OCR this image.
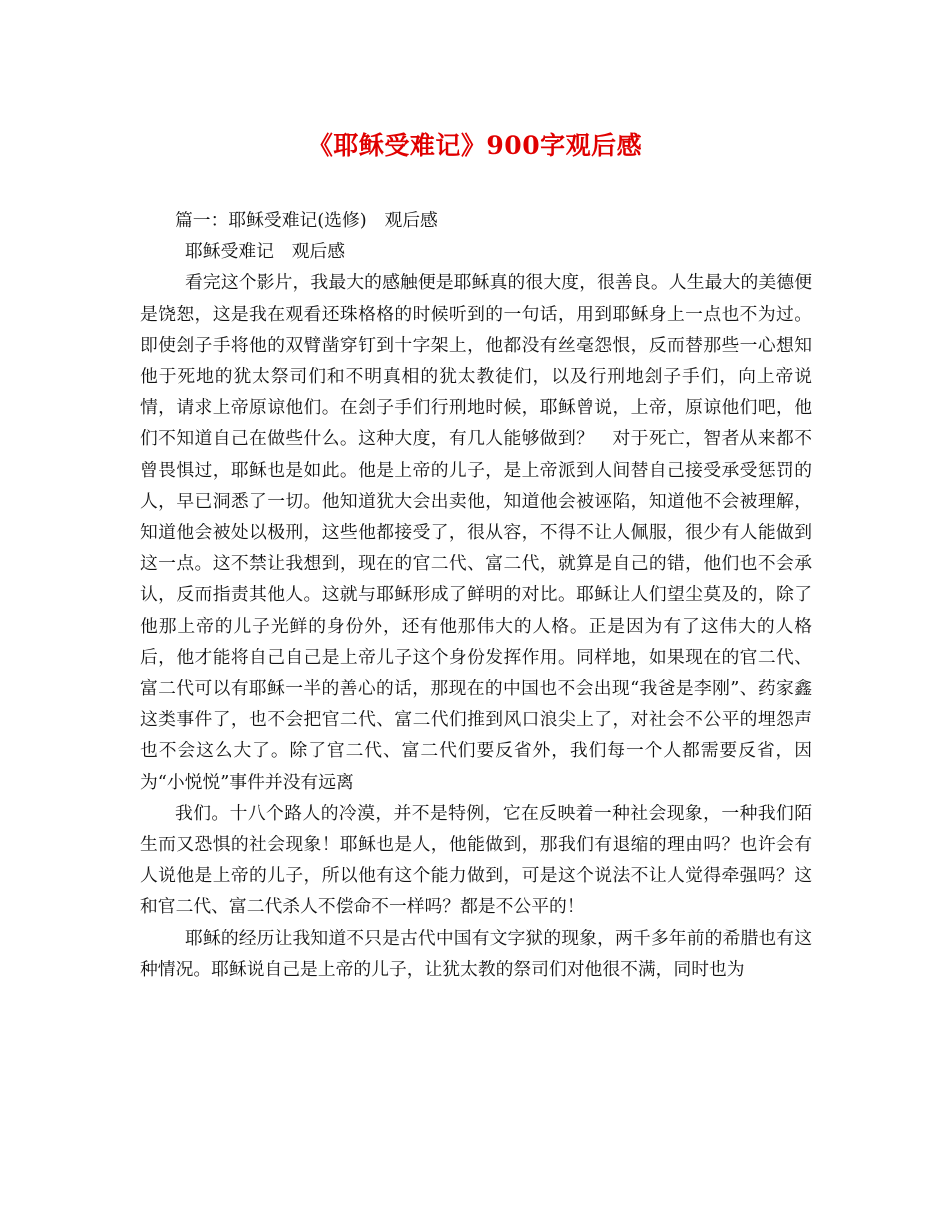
《耶稣受难记》900字观后感

篇一：耶稣受难记(选修)　观后感

耶稣受难记　观后感

看完这个影片，我最大的感触便是耶稣真的很大度，很善良。人生最大的美德便是饶恕，这是我在观看还珠格格的时候听到的一句话，用到耶稣身上一点也不为过。即使刽子手将他的双臂凿穿钉到十字架上，他都没有丝毫怨恨，反而替那些一心想知他于死地的犹太祭司们和不明真相的犹太教徒们，以及行刑地刽子手们，向上帝说情，请求上帝原谅他们。在刽子手们行刑地时候，耶稣曾说，上帝，原谅他们吧，他们不知道自己在做些什么。这种大度，有几人能够做到？　对于死亡，智者从来都不曾畏惧过，耶稣也是如此。他是上帝的儿子，是上帝派到人间替自己接受承受惩罚的人，早已洞悉了一切。他知道犹大会出卖他，知道他会被诬陷，知道他不会被理解，知道他会被处以极刑，这些他都接受了，很从容，不得不让人佩服，很少有人能做到这一点。这不禁让我想到，现在的官二代、富二代，就算是自己的错，他们也不会承认，反而指责其他人。这就与耶稣形成了鲜明的对比。耶稣让人们望尘莫及的，除了他那上帝的儿子光鲜的身份外，还有他那伟大的人格。正是因为有了这伟大的人格后，他才能将自己自己是上帝儿子这个身份发挥作用。同样地，如果现在的官二代、富二代可以有耶稣一半的善心的话，那现在的中国也不会出现“我爸是李刚”、药家鑫这类事件了，也不会把官二代、富二代们推到风口浪尖上了，对社会不公平的埋怨声也不会这么大了。除了官二代、富二代们要反省外，我们每一个人都需要反省，因为“小悦悦”事件并没有远离

我们。十八个路人的冷漠，并不是特例，它在反映着一种社会现象，一种我们陌生而又恐惧的社会现象！耶稣也是人，他能做到，那我们有退缩的理由吗？也许会有人说他是上帝的儿子，所以他有这个能力做到，可是这个说法不让人觉得牵强吗？这和官二代、富二代杀人不偿命不一样吗？都是不公平的！

耶稣的经历让我知道不只是古代中国有文字狱的现象，两千多年前的希腊也有这种情况。耶稣说自己是上帝的儿子，让犹太教的祭司们对他很不满，同时也为
